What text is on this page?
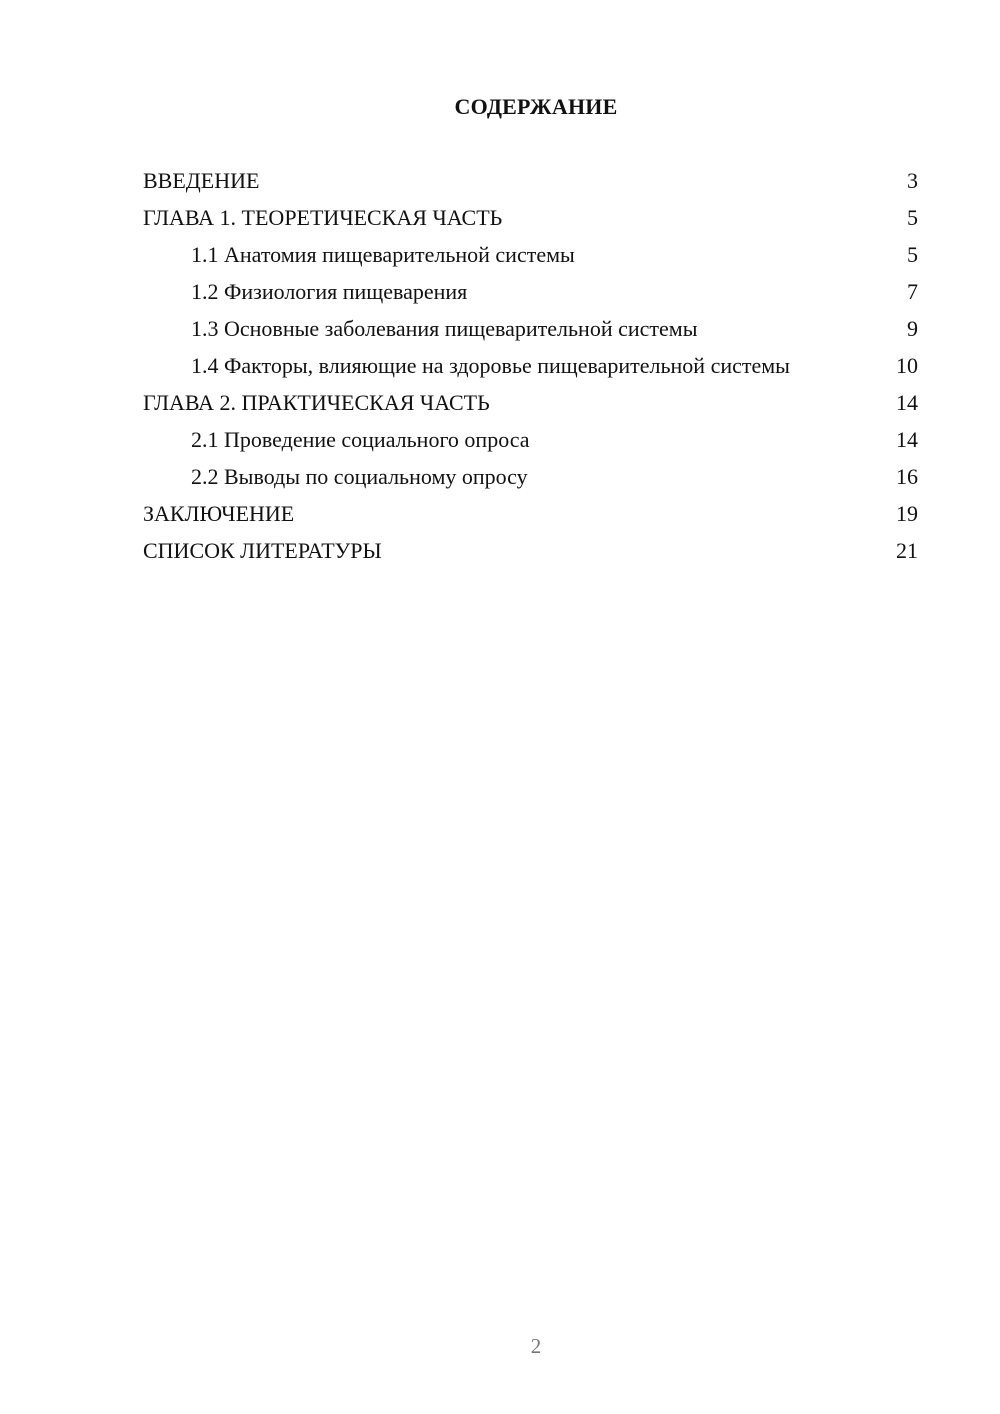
СОДЕРЖАНИЕ
ВВЕДЕНИЕ	3
ГЛАВА 1. ТЕОРЕТИЧЕСКАЯ ЧАСТЬ	5
1.1 Анатомия пищеварительной системы	5
1.2 Физиология пищеварения	7
1.3 Основные заболевания пищеварительной системы	9
1.4 Факторы, влияющие на здоровье пищеварительной системы	10
ГЛАВА 2. ПРАКТИЧЕСКАЯ ЧАСТЬ	14
2.1 Проведение социального опроса	14
2.2 Выводы по социальному опросу	16
ЗАКЛЮЧЕНИЕ	19
СПИСОК ЛИТЕРАТУРЫ	21
2
